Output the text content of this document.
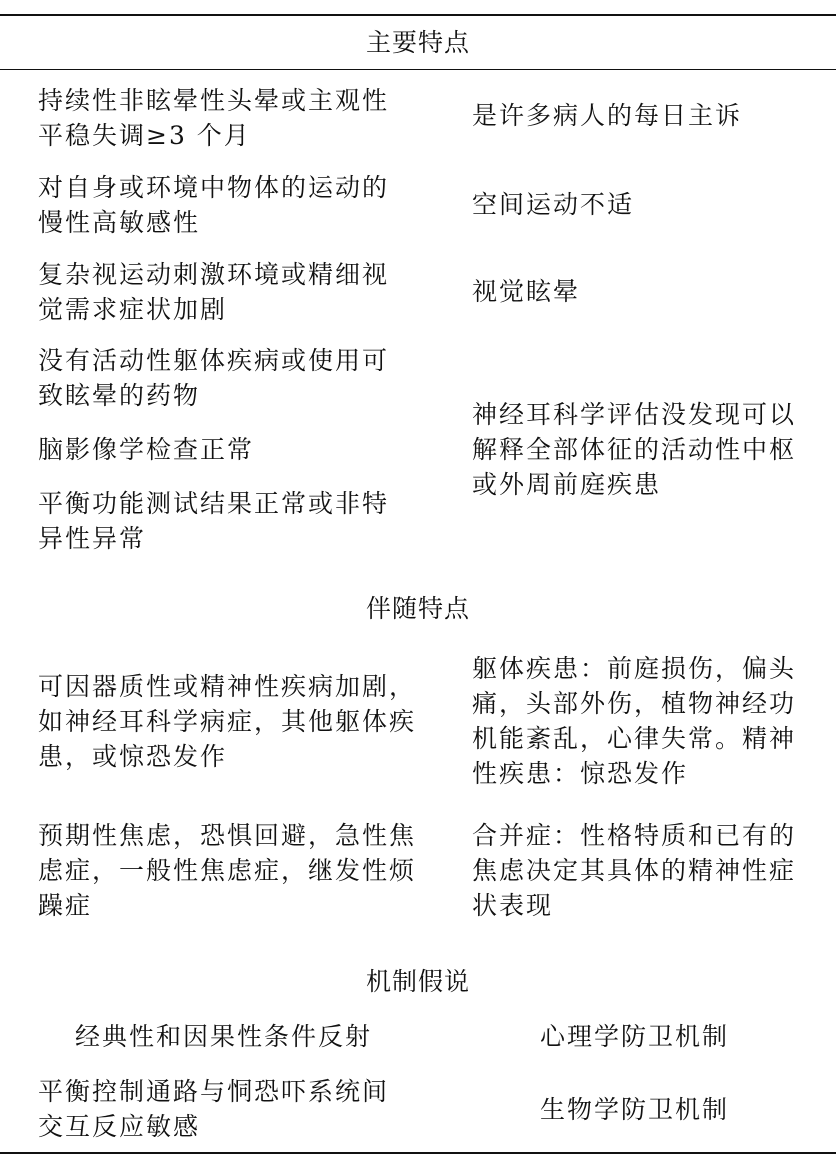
主要特点
持续性非眩晕性头晕或主观性
平稳失调≥3 个月
是许多病人的每日主诉
对自身或环境中物体的运动的
慢性高敏感性
空间运动不适
复杂视运动刺激环境或精细视
觉需求症状加剧
视觉眩晕
没有活动性躯体疾病或使用可
致眩晕的药物
脑影像学检查正常
平衡功能测试结果正常或非特
异性异常
神经耳科学评估没发现可以
解释全部体征的活动性中枢
或外周前庭疾患
伴随特点
可因器质性或精神性疾病加剧，
如神经耳科学病症，其他躯体疾
患，或惊恐发作
躯体疾患：前庭损伤，偏头
痛，头部外伤，植物神经功
机能紊乱，心律失常。精神
性疾患：惊恐发作
预期性焦虑，恐惧回避，急性焦
虑症，一般性焦虑症，继发性烦
躁症
合并症：性格特质和已有的
焦虑决定其具体的精神性症
状表现
机制假说
经典性和因果性条件反射	心理学防卫机制
平衡控制通路与恫恐吓系统间
交互反应敏感
生物学防卫机制
